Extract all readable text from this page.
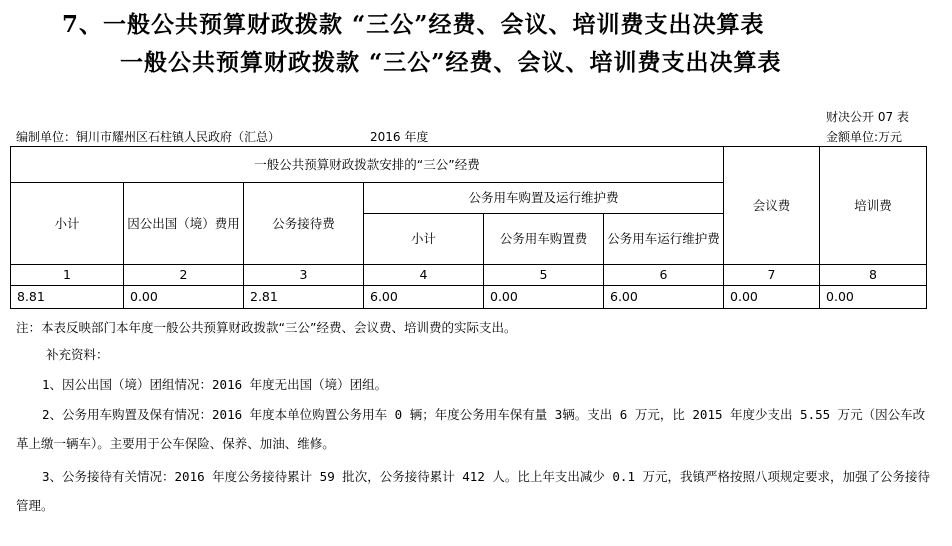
7、一般公共预算财政拨款 “三公”经费、会议、培训费支出决算表
一般公共预算财政拨款 “三公”经费、会议、培训费支出决算表
财决公开 07 表
编制单位：铜川市耀州区石柱镇人民政府（汇总）	2016 年度	金额单位:万元
一般公共预算财政拨款安排的“三公”经费						会议费	培训费
小计	因公出国（境）费用	公务接待费	公务用车购置及运行维护费				
			小计	公务用车购置费	公务用车运行维护费		
1	2	3	4	5	6	7	8
8.81	0.00	2.81	6.00	0.00	6.00	0.00	0.00
注：本表反映部门本年度一般公共预算财政拨款“三公”经费、会议费、培训费的实际支出。
补充资料：
1、因公出国（境）团组情况：2016 年度无出国（境）团组。
2、公务用车购置及保有情况：2016 年度本单位购置公务用车 0 辆；年度公务用车保有量 3辆。支出 6 万元，比 2015 年度少支出 5.55 万元（因公车改革上缴一辆车）。主要用于公车保险、保养、加油、维修。
3、公务接待有关情况：2016 年度公务接待累计 59 批次，公务接待累计 412 人。比上年支出减少 0.1 万元，我镇严格按照八项规定要求，加强了公务接待管理。
